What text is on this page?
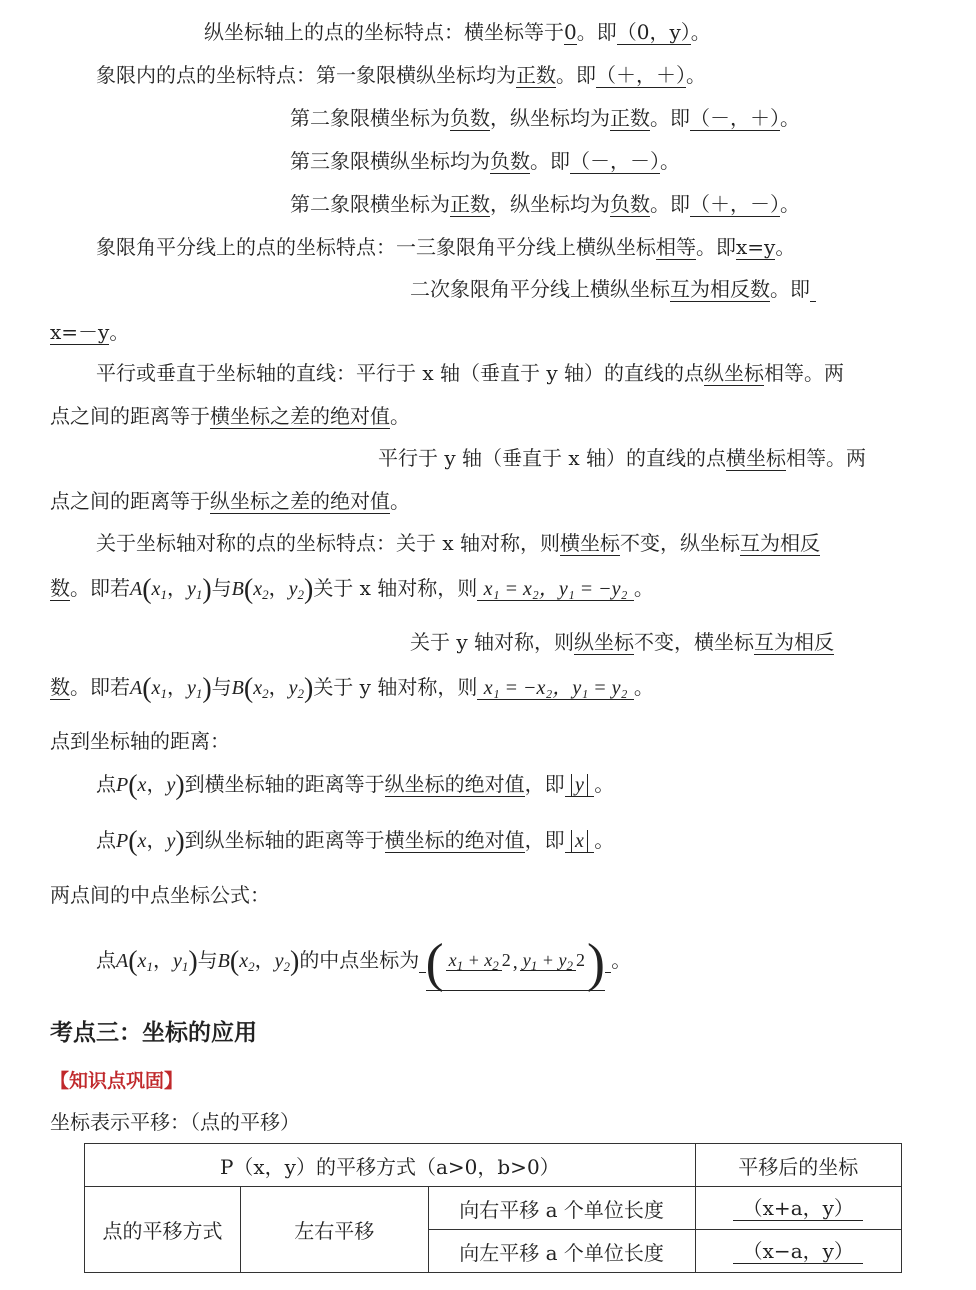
纵坐标轴上的点的坐标特点：横坐标等于0。即（0，y）。
象限内的点的坐标特点：第一象限横纵坐标均为正数。即（＋，＋）。
第二象限横坐标为负数，纵坐标均为正数。即（－，＋）。
第三象限横纵坐标均为负数。即（－，－）。
第二象限横坐标为正数，纵坐标均为负数。即（＋，－）。
象限角平分线上的点的坐标特点：一三象限角平分线上横纵坐标相等。即x=y。
二次象限角平分线上横纵坐标互为相反数。即
x=－y。
平行或垂直于坐标轴的直线：平行于 x 轴（垂直于 y 轴）的直线的点纵坐标相等。两
点之间的距离等于横坐标之差的绝对值。
平行于 y 轴（垂直于 x 轴）的直线的点横坐标相等。两
点之间的距离等于纵坐标之差的绝对值。
关于坐标轴对称的点的坐标特点：关于 x 轴对称，则横坐标不变，纵坐标互为相反
数。即若$A(x_1$，$y_1$)与$B(x_2$，$y_2$)关于 x 轴对称，则 x₁ = x₂，y₁ = −y₂ 。
关于 y 轴对称，则纵坐标不变，横坐标互为相反
数。即若$A(x_1$，$y_1$)与$B(x_2$，$y_2$)关于 y 轴对称，则 x₁ = −x₂，y₁ = y₂ 。
点到坐标轴的距离：
点P(x，y)到横坐标轴的距离等于纵坐标的绝对值，即 y 。
点P(x，y)到纵坐标轴的距离等于横坐标的绝对值，即 x 。
两点间的中点坐标公式：
点$A(x_1$，$y_1$)与$B(x_2$，$y_2$)的中点坐标为 ( $x_1 + x_2$ 2 , $y_1 + y_2$ 2) 。
考点三：坐标的应用
【知识点巩固】
坐标表示平移：（点的平移）
P（x，y）的平移方式（a>0，b>0）			平移后的坐标
点的平移方式	左右平移	向右平移 a 个单位长度	（x+a，y）
		向左平移 a 个单位长度	（x−a，y）
